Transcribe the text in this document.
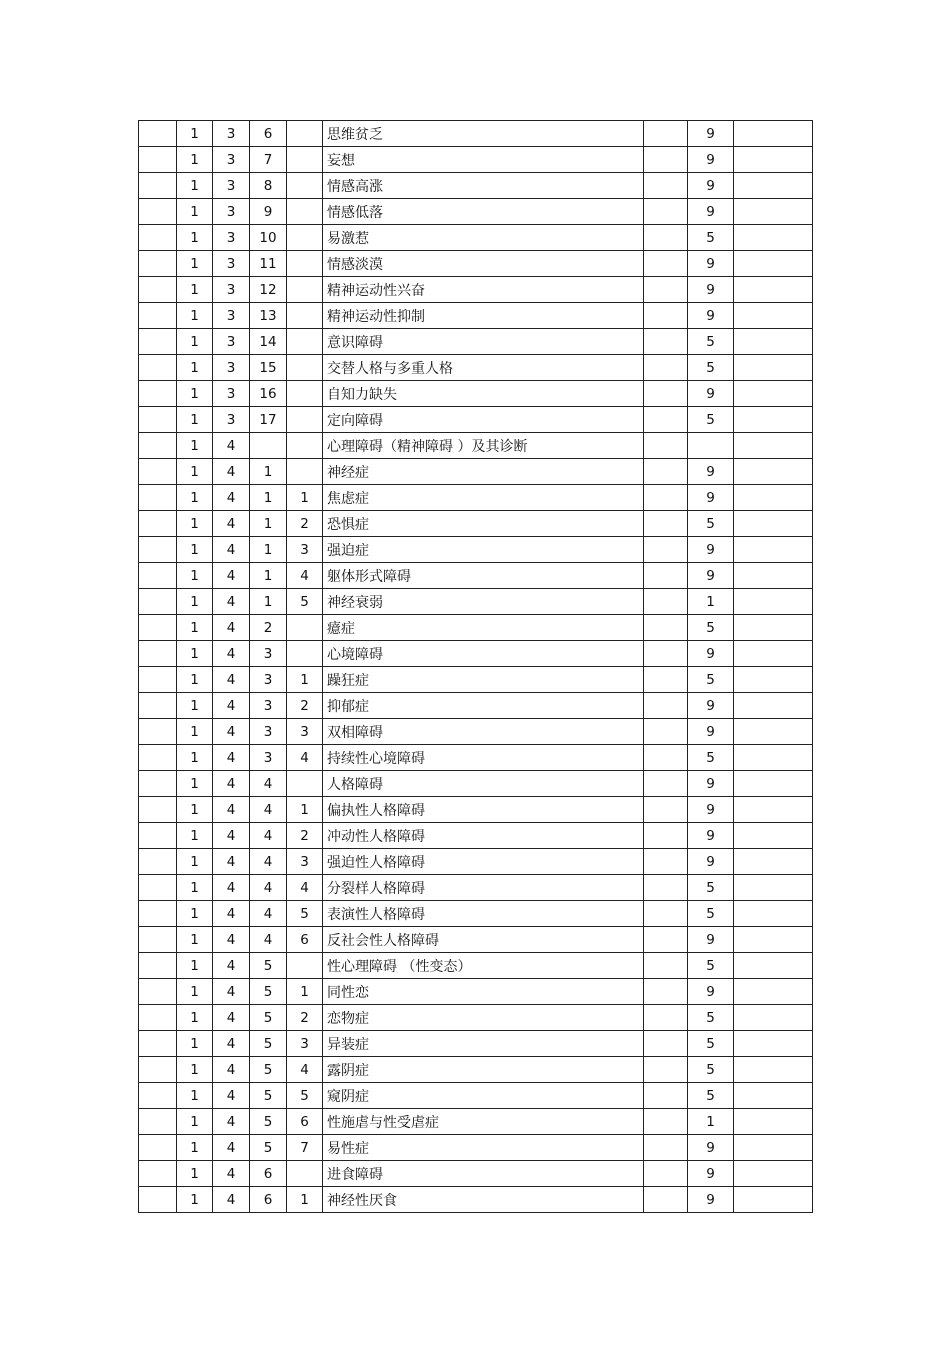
	1	3	6		思维贫乏		9	
	1	3	7		妄想		9	
	1	3	8		情感高涨		9	
	1	3	9		情感低落		9	
	1	3	10		易激惹		5	
	1	3	11		情感淡漠		9	
	1	3	12		精神运动性兴奋		9	
	1	3	13		精神运动性抑制		9	
	1	3	14		意识障碍		5	
	1	3	15		交替人格与多重人格		5	
	1	3	16		自知力缺失		9	
	1	3	17		定向障碍		5	
	1	4			心理障碍（精神障碍 ）及其诊断			
	1	4	1		神经症		9	
	1	4	1	1	焦虑症		9	
	1	4	1	2	恐惧症		5	
	1	4	1	3	强迫症		9	
	1	4	1	4	躯体形式障碍		9	
	1	4	1	5	神经衰弱		1	
	1	4	2		癔症		5	
	1	4	3		心境障碍		9	
	1	4	3	1	躁狂症		5	
	1	4	3	2	抑郁症		9	
	1	4	3	3	双相障碍		9	
	1	4	3	4	持续性心境障碍		5	
	1	4	4		人格障碍		9	
	1	4	4	1	偏执性人格障碍		9	
	1	4	4	2	冲动性人格障碍		9	
	1	4	4	3	强迫性人格障碍		9	
	1	4	4	4	分裂样人格障碍		5	
	1	4	4	5	表演性人格障碍		5	
	1	4	4	6	反社会性人格障碍		9	
	1	4	5		性心理障碍 （性变态）		5	
	1	4	5	1	同性恋		9	
	1	4	5	2	恋物症		5	
	1	4	5	3	异装症		5	
	1	4	5	4	露阴症		5	
	1	4	5	5	窥阴症		5	
	1	4	5	6	性施虐与性受虐症		1	
	1	4	5	7	易性症		9	
	1	4	6		进食障碍		9	
	1	4	6	1	神经性厌食		9	
